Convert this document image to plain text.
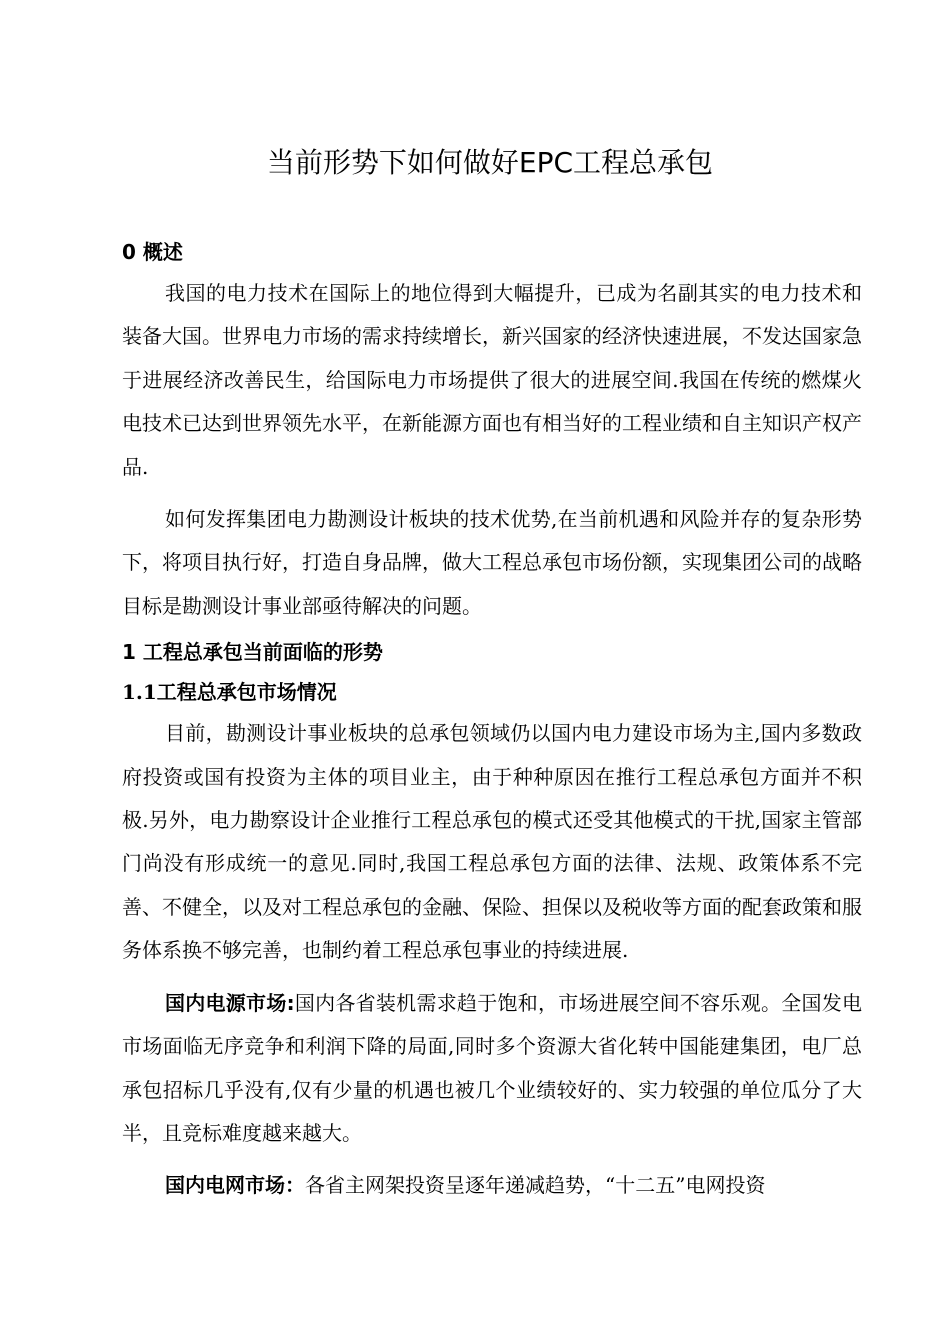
当前形势下如何做好EPC工程总承包
0 概述

我国的电力技术在国际上的地位得到大幅提升，已成为名副其实的电力技术和装备大国。世界电力市场的需求持续增长，新兴国家的经济快速进展，不发达国家急于进展经济改善民生，给国际电力市场提供了很大的进展空间.我国在传统的燃煤火电技术已达到世界领先水平，在新能源方面也有相当好的工程业绩和自主知识产权产品.

如何发挥集团电力勘测设计板块的技术优势,在当前机遇和风险并存的复杂形势下，将项目执行好，打造自身品牌，做大工程总承包市场份额，实现集团公司的战略目标是勘测设计事业部亟待解决的问题。

1 工程总承包当前面临的形势
1.1工程总承包市场情况

目前，勘测设计事业板块的总承包领域仍以国内电力建设市场为主,国内多数政府投资或国有投资为主体的项目业主，由于种种原因在推行工程总承包方面并不积极.另外，电力勘察设计企业推行工程总承包的模式还受其他模式的干扰,国家主管部门尚没有形成统一的意见.同时,我国工程总承包方面的法律、法规、政策体系不完善、不健全，以及对工程总承包的金融、保险、担保以及税收等方面的配套政策和服务体系换不够完善，也制约着工程总承包事业的持续进展.

国内电源市场:国内各省装机需求趋于饱和，市场进展空间不容乐观。全国发电市场面临无序竞争和利润下降的局面,同时多个资源大省化转中国能建集团，电厂总承包招标几乎没有,仅有少量的机遇也被几个业绩较好的、实力较强的单位瓜分了大半，且竞标难度越来越大。

国内电网市场：各省主网架投资呈逐年递减趋势，“十二五”电网投资
